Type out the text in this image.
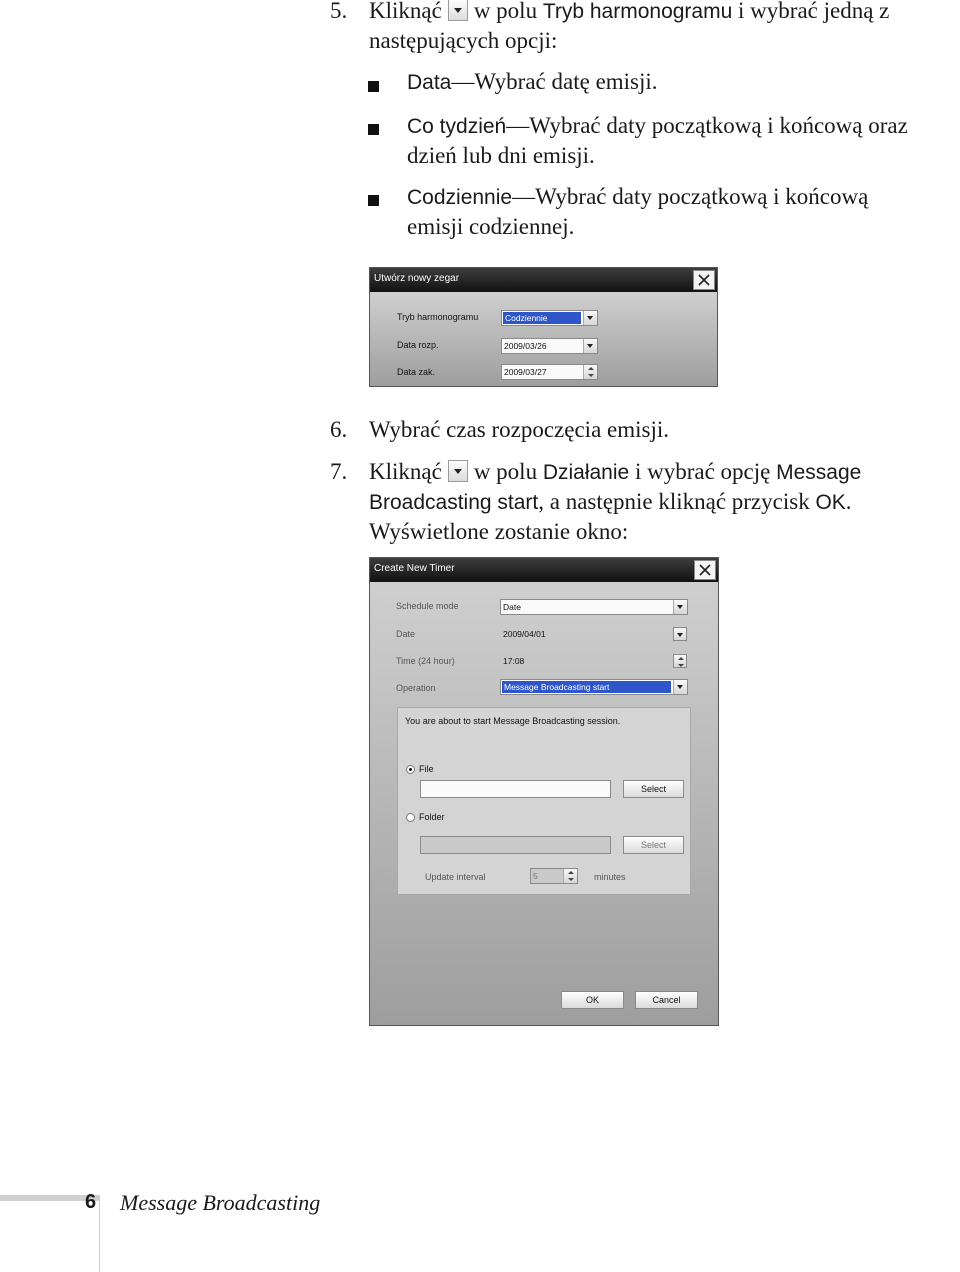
5. Kliknąć w polu Tryb harmonogramu i wybrać jedną z
następujących opcji:
Data—Wybrać datę emisji.
Co tydzień—Wybrać daty początkową i końcową oraz
dzień lub dni emisji.
Codziennie—Wybrać daty początkową i końcową
emisji codziennej.
Utwórz nowy zegar
Tryb harmonogramu	Codziennie
Data rozp.	2009/03/26
Data zak.	2009/03/27
6. Wybrać czas rozpoczęcia emisji.
7. Kliknąć w polu Działanie i wybrać opcję Message
Broadcasting start, a następnie kliknąć przycisk OK.
Wyświetlone zostanie okno:
Create New Timer
Schedule mode	Date
Date	2009/04/01
Time (24 hour)	17:08
Operation	Message Broadcasting start
You are about to start Message Broadcasting session.
File
Select
Folder
Select
Update interval	5	minutes
OK	Cancel
6 Message Broadcasting
